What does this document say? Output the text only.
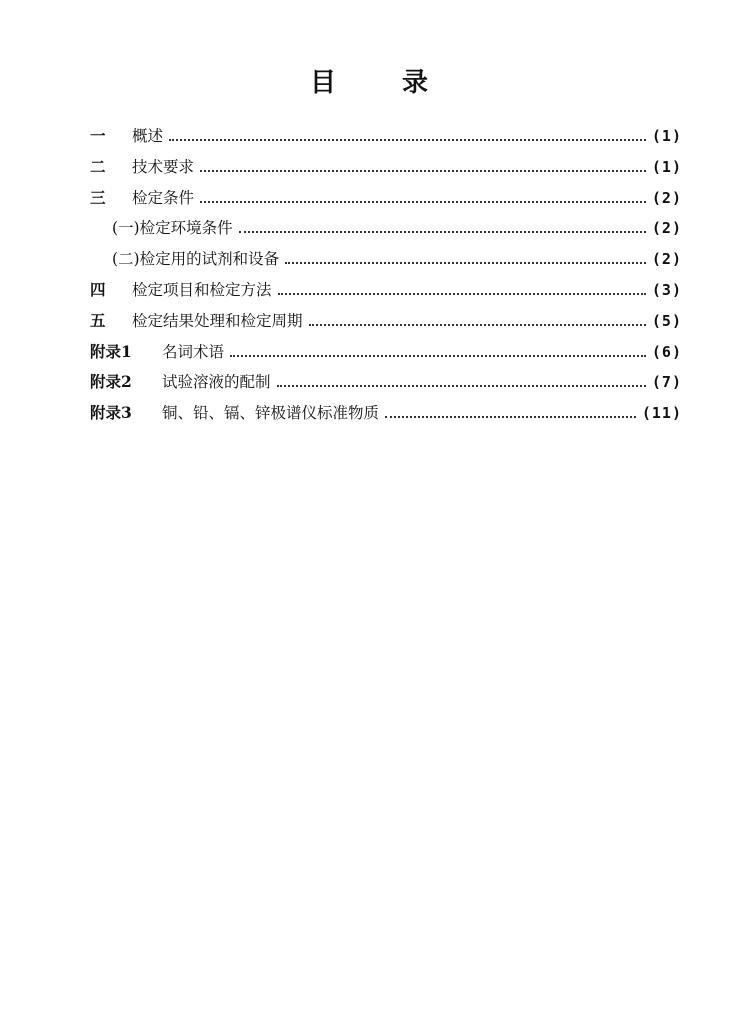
目	录
一	概述	(1)
二	技术要求	(1)
三	检定条件	(2)
(一)检定环境条件	(2)
(二)检定用的试剂和设备	(2)
四	检定项目和检定方法	(3)
五	检定结果处理和检定周期	(5)
附录1	名词术语	(6)
附录2	试验溶液的配制	(7)
附录3	铜、铅、镉、锌极谱仪标准物质	(11)
